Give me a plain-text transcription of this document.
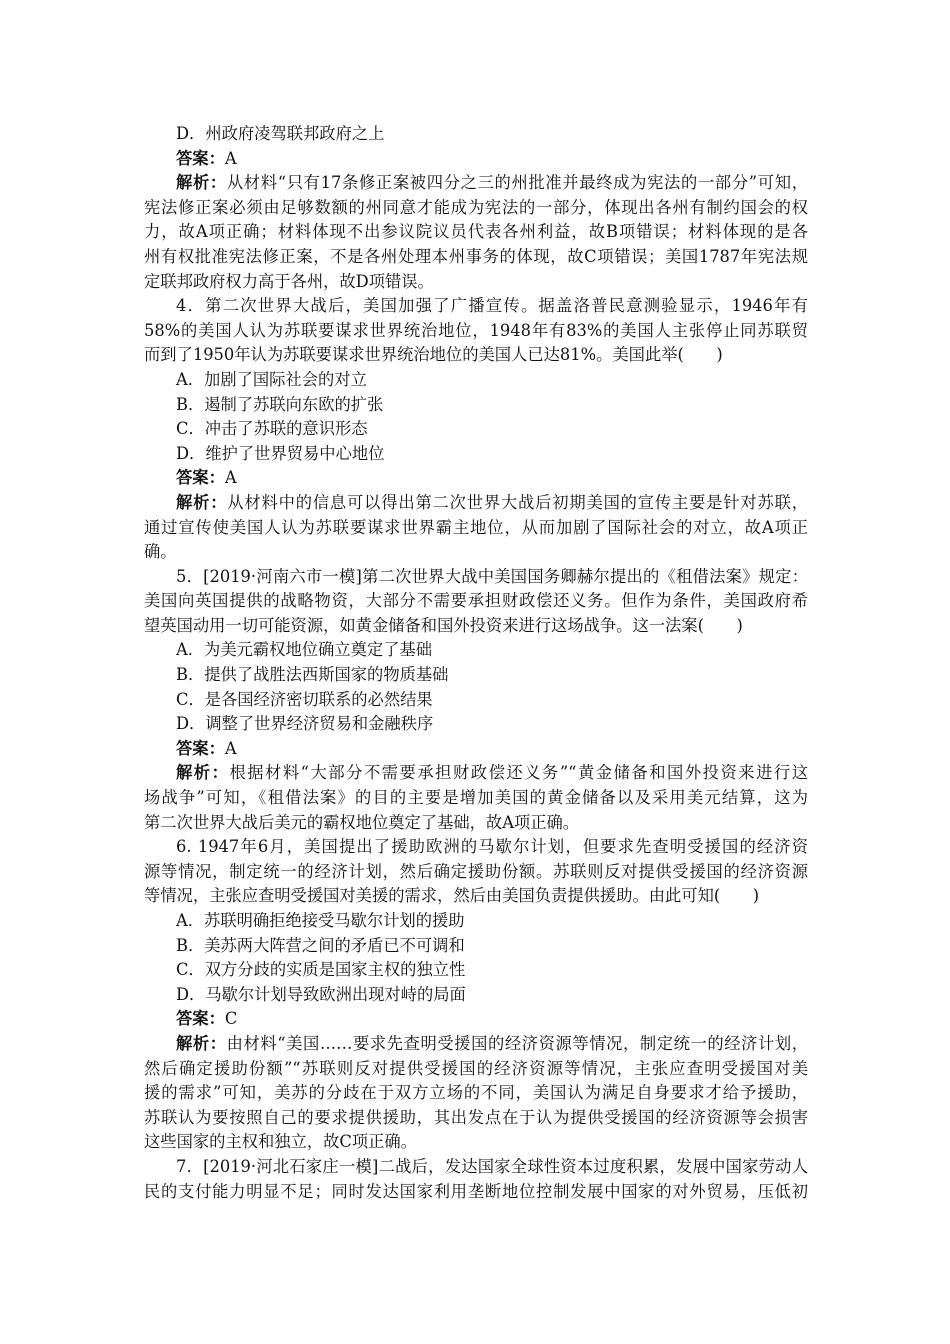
D．州政府凌驾联邦政府之上
答案：A
解析：从材料“只有17条修正案被四分之三的州批准并最终成为宪法的一部分”可知，
宪法修正案必须由足够数额的州同意才能成为宪法的一部分，体现出各州有制约国会的权
力，故A项正确；材料体现不出参议院议员代表各州利益，故B项错误；材料体现的是各
州有权批准宪法修正案，不是各州处理本州事务的体现，故C项错误；美国1787年宪法规
定联邦政府权力高于各州，故D项错误。
4．第二次世界大战后，美国加强了广播宣传。据盖洛普民意测验显示，1946年有
58%的美国人认为苏联要谋求世界统治地位，1948年有83%的美国人主张停止同苏联贸
而到了1950年认为苏联要谋求世界统治地位的美国人已达81%。美国此举(　　)
A．加剧了国际社会的对立
B．遏制了苏联向东欧的扩张
C．冲击了苏联的意识形态
D．维护了世界贸易中心地位
答案：A
解析：从材料中的信息可以得出第二次世界大战后初期美国的宣传主要是针对苏联，
通过宣传使美国人认为苏联要谋求世界霸主地位，从而加剧了国际社会的对立，故A项正
确。
5．[2019·河南六市一模]第二次世界大战中美国国务卿赫尔提出的《租借法案》规定：
美国向英国提供的战略物资，大部分不需要承担财政偿还义务。但作为条件，美国政府希
望英国动用一切可能资源，如黄金储备和国外投资来进行这场战争。这一法案(　　)
A．为美元霸权地位确立奠定了基础
B．提供了战胜法西斯国家的物质基础
C．是各国经济密切联系的必然结果
D．调整了世界经济贸易和金融秩序
答案：A
解析：根据材料“大部分不需要承担财政偿还义务”“黄金储备和国外投资来进行这
场战争”可知，《租借法案》的目的主要是增加美国的黄金储备以及采用美元结算，这为
第二次世界大战后美元的霸权地位奠定了基础，故A项正确。
6. 1947年6月，美国提出了援助欧洲的马歇尔计划，但要求先查明受援国的经济资
源等情况，制定统一的经济计划，然后确定援助份额。苏联则反对提供受援国的经济资源
等情况，主张应查明受援国对美援的需求，然后由美国负责提供援助。由此可知(　　)
A．苏联明确拒绝接受马歇尔计划的援助
B．美苏两大阵营之间的矛盾已不可调和
C．双方分歧的实质是国家主权的独立性
D．马歇尔计划导致欧洲出现对峙的局面
答案：C
解析：由材料“美国……要求先查明受援国的经济资源等情况，制定统一的经济计划，
然后确定援助份额”“苏联则反对提供受援国的经济资源等情况，主张应查明受援国对美
援的需求”可知，美苏的分歧在于双方立场的不同，美国认为满足自身要求才给予援助，
苏联认为要按照自己的要求提供援助，其出发点在于认为提供受援国的经济资源等会损害
这些国家的主权和独立，故C项正确。
7．[2019·河北石家庄一模]二战后，发达国家全球性资本过度积累，发展中国家劳动人
民的支付能力明显不足；同时发达国家利用垄断地位控制发展中国家的对外贸易，压低初
